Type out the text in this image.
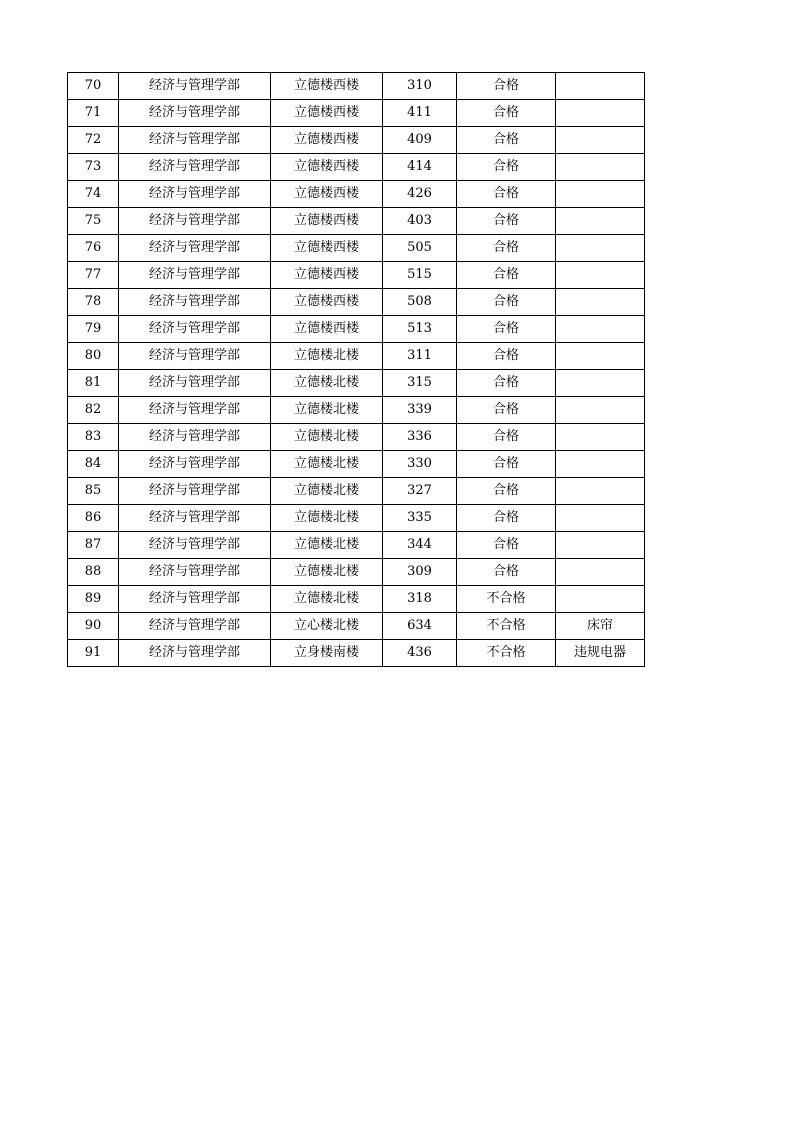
70	经济与管理学部	立德楼西楼	310	合格	
71	经济与管理学部	立德楼西楼	411	合格	
72	经济与管理学部	立德楼西楼	409	合格	
73	经济与管理学部	立德楼西楼	414	合格	
74	经济与管理学部	立德楼西楼	426	合格	
75	经济与管理学部	立德楼西楼	403	合格	
76	经济与管理学部	立德楼西楼	505	合格	
77	经济与管理学部	立德楼西楼	515	合格	
78	经济与管理学部	立德楼西楼	508	合格	
79	经济与管理学部	立德楼西楼	513	合格	
80	经济与管理学部	立德楼北楼	311	合格	
81	经济与管理学部	立德楼北楼	315	合格	
82	经济与管理学部	立德楼北楼	339	合格	
83	经济与管理学部	立德楼北楼	336	合格	
84	经济与管理学部	立德楼北楼	330	合格	
85	经济与管理学部	立德楼北楼	327	合格	
86	经济与管理学部	立德楼北楼	335	合格	
87	经济与管理学部	立德楼北楼	344	合格	
88	经济与管理学部	立德楼北楼	309	合格	
89	经济与管理学部	立德楼北楼	318	不合格	
90	经济与管理学部	立心楼北楼	634	不合格	床帘
91	经济与管理学部	立身楼南楼	436	不合格	违规电器
